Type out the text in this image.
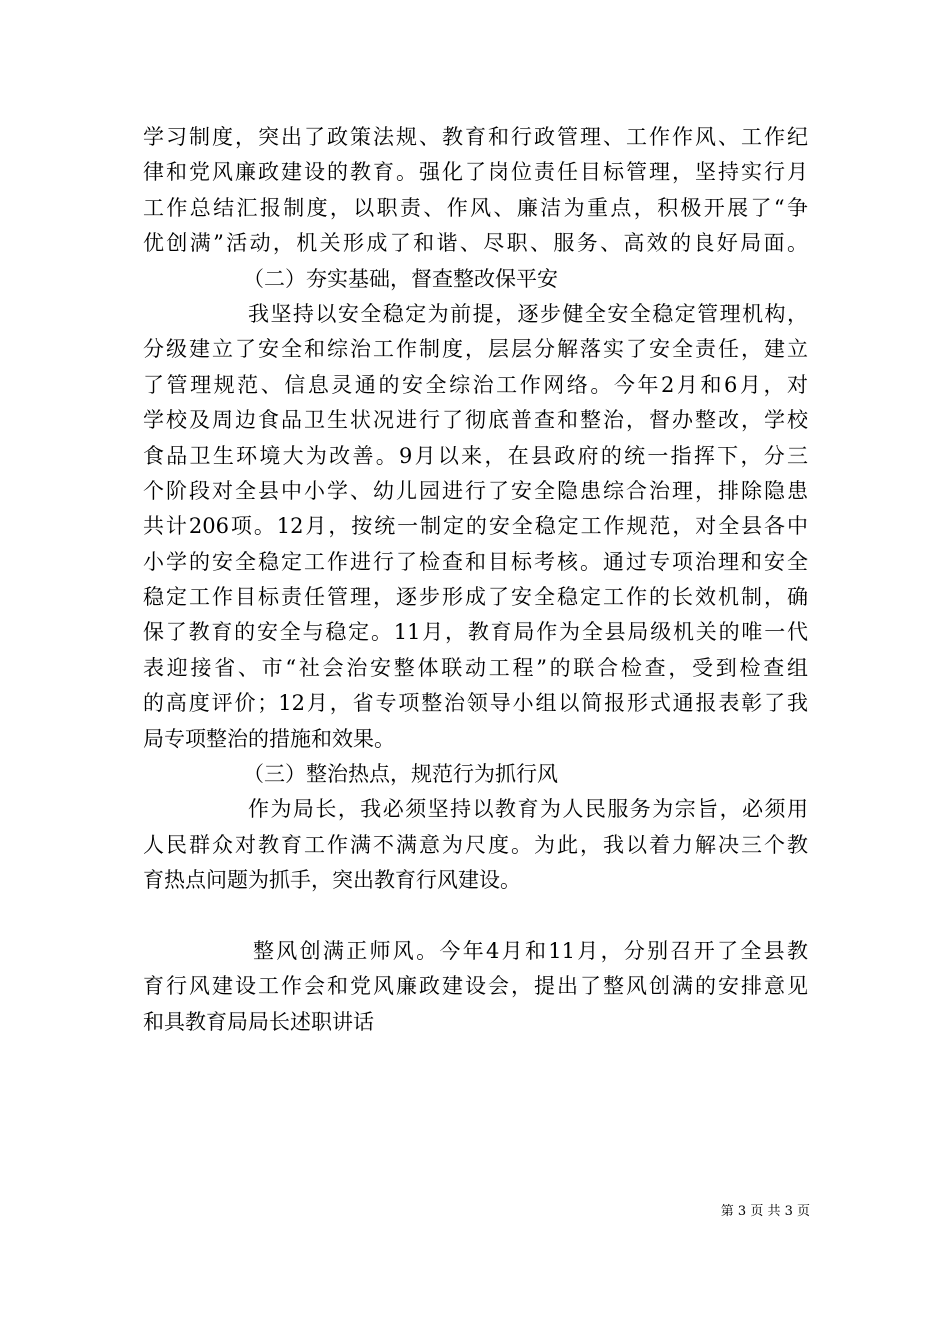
学习制度，突出了政策法规、教育和行政管理、工作作风、工作纪
律和党风廉政建设的教育。强化了岗位责任目标管理，坚持实行月
工作总结汇报制度，以职责、作风、廉洁为重点，积极开展了“争
优创满”活动，机关形成了和谐、尽职、服务、高效的良好局面。
（二）夯实基础，督查整改保平安
我坚持以安全稳定为前提，逐步健全安全稳定管理机构，
分级建立了安全和综治工作制度，层层分解落实了安全责任，建立
了管理规范、信息灵通的安全综治工作网络。今年2月和6月，对
学校及周边食品卫生状况进行了彻底普查和整治，督办整改，学校
食品卫生环境大为改善。9月以来，在县政府的统一指挥下，分三
个阶段对全县中小学、幼儿园进行了安全隐患综合治理，排除隐患
共计206项。12月，按统一制定的安全稳定工作规范，对全县各中
小学的安全稳定工作进行了检查和目标考核。通过专项治理和安全
稳定工作目标责任管理，逐步形成了安全稳定工作的长效机制，确
保了教育的安全与稳定。11月，教育局作为全县局级机关的唯一代
表迎接省、市“社会治安整体联动工程”的联合检查，受到检查组
的高度评价；12月，省专项整治领导小组以简报形式通报表彰了我
局专项整治的措施和效果。
（三）整治热点，规范行为抓行风
作为局长，我必须坚持以教育为人民服务为宗旨，必须用
人民群众对教育工作满不满意为尺度。为此，我以着力解决三个教
育热点问题为抓手，突出教育行风建设。
整风创满正师风。今年4月和11月，分别召开了全县教
育行风建设工作会和党风廉政建设会，提出了整风创满的安排意见
和具教育局局长述职讲话
第 3 页 共 3 页
